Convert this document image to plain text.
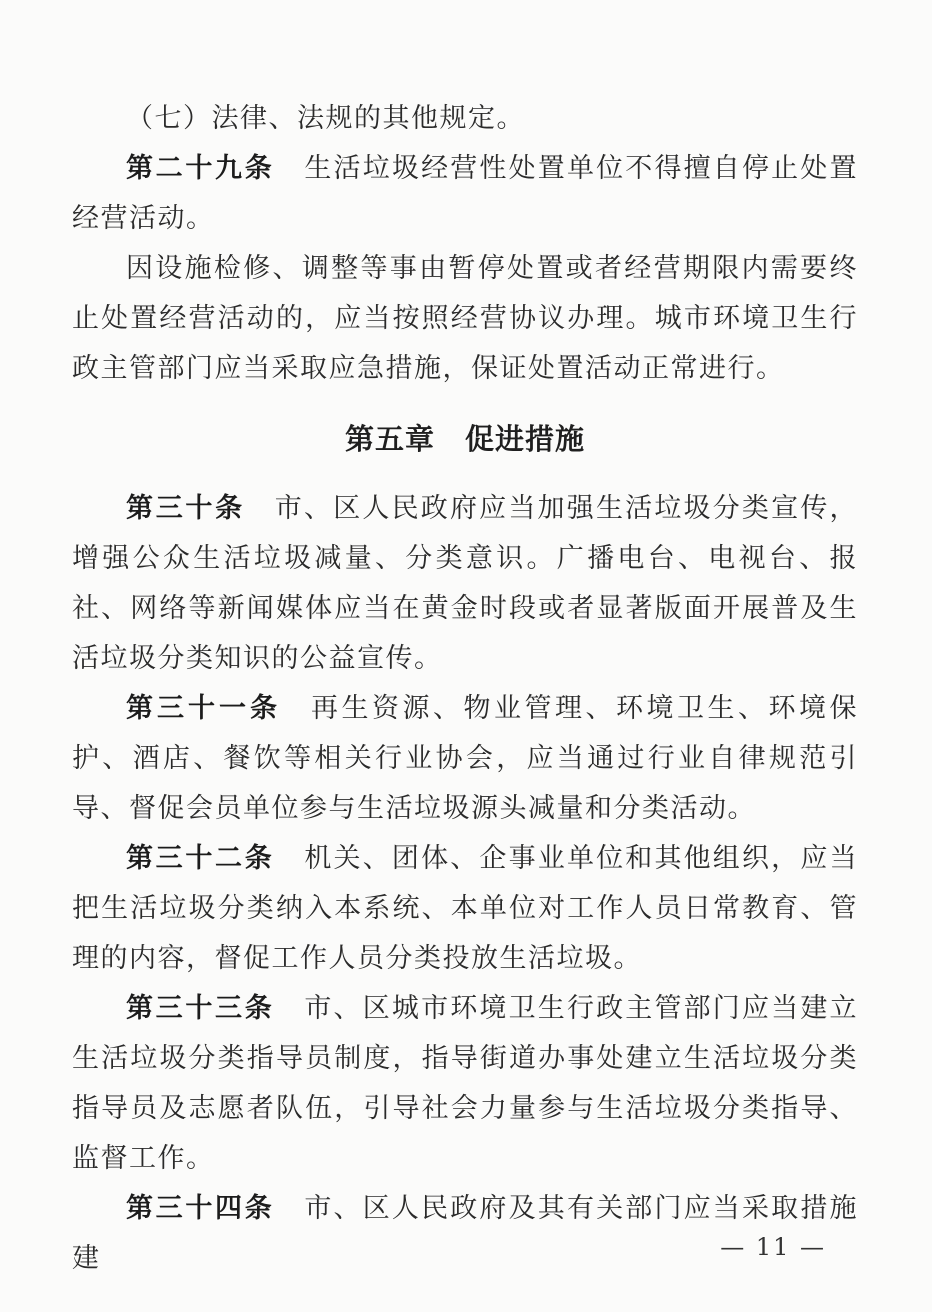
（七）法律、法规的其他规定。

第二十九条 生活垃圾经营性处置单位不得擅自停止处置经营活动。

因设施检修、调整等事由暂停处置或者经营期限内需要终止处置经营活动的，应当按照经营协议办理。城市环境卫生行政主管部门应当采取应急措施，保证处置活动正常进行。

第五章 促进措施

第三十条 市、区人民政府应当加强生活垃圾分类宣传，增强公众生活垃圾减量、分类意识。广播电台、电视台、报社、网络等新闻媒体应当在黄金时段或者显著版面开展普及生活垃圾分类知识的公益宣传。

第三十一条 再生资源、物业管理、环境卫生、环境保护、酒店、餐饮等相关行业协会，应当通过行业自律规范引导、督促会员单位参与生活垃圾源头减量和分类活动。

第三十二条 机关、团体、企事业单位和其他组织，应当把生活垃圾分类纳入本系统、本单位对工作人员日常教育、管理的内容，督促工作人员分类投放生活垃圾。

第三十三条 市、区城市环境卫生行政主管部门应当建立生活垃圾分类指导员制度，指导街道办事处建立生活垃圾分类指导员及志愿者队伍，引导社会力量参与生活垃圾分类指导、监督工作。

第三十四条 市、区人民政府及其有关部门应当采取措施建	— 11 —
